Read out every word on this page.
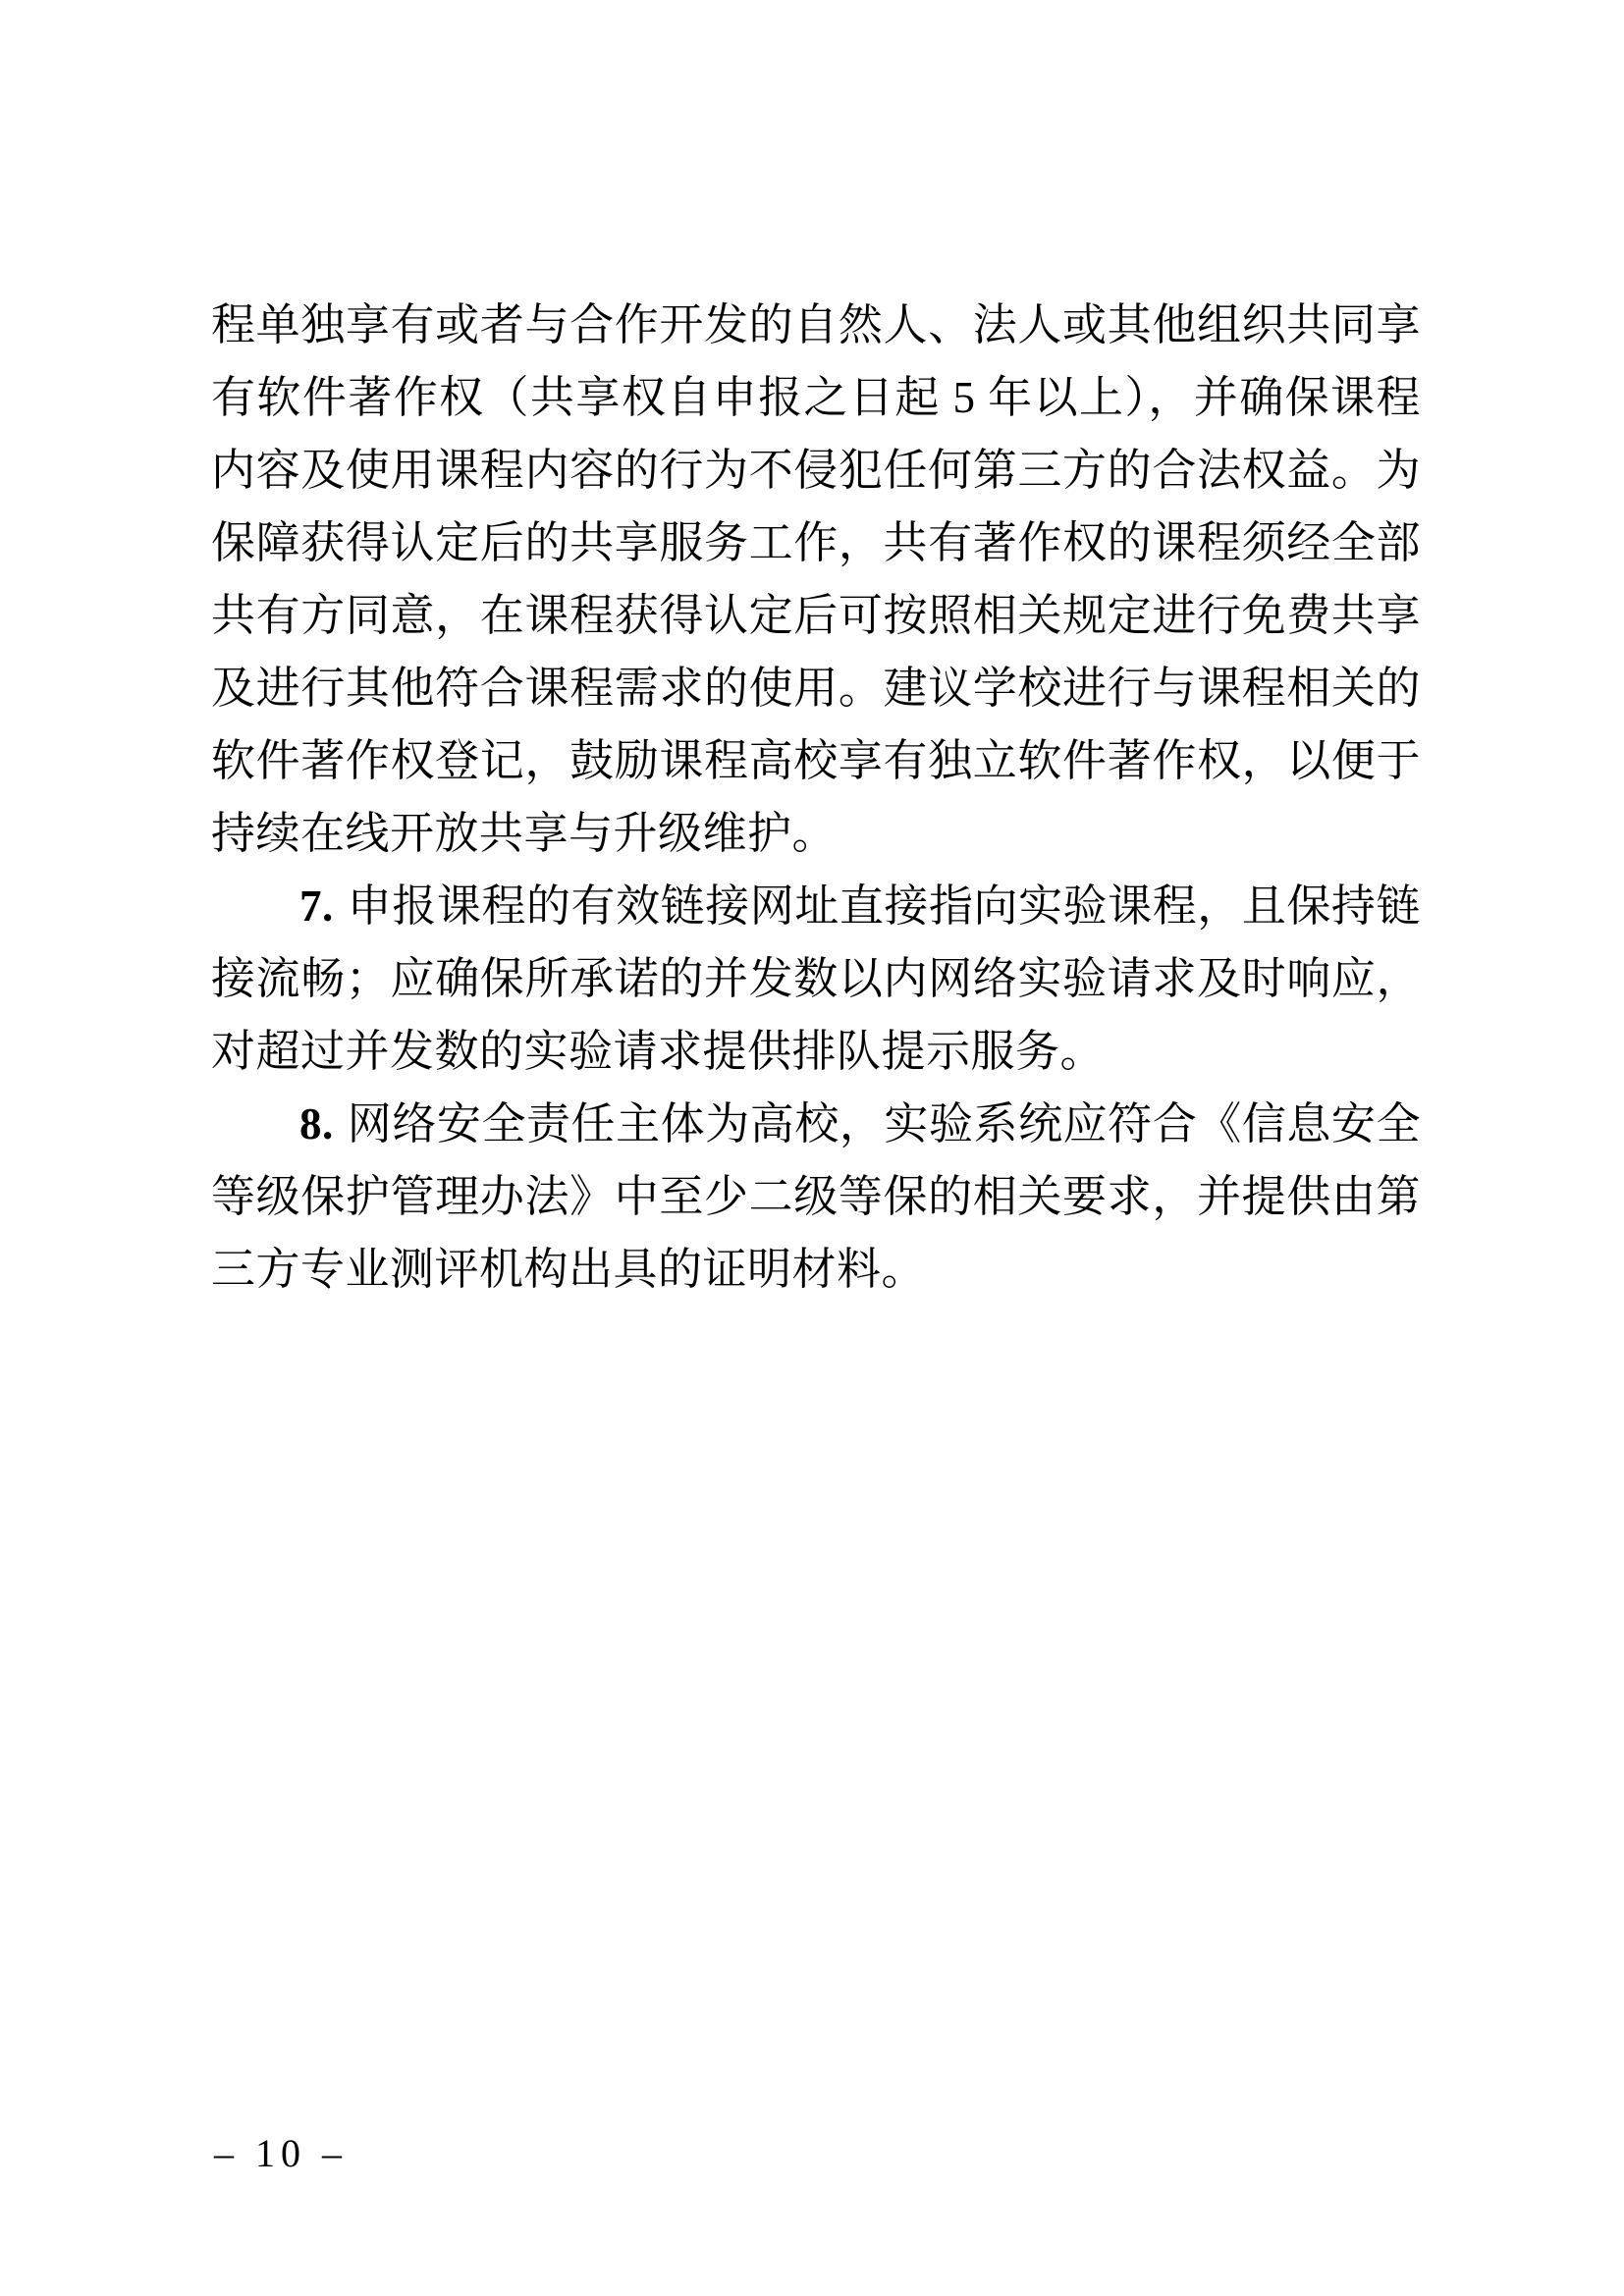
程单独享有或者与合作开发的自然人、法人或其他组织共同享有软件著作权（共享权自申报之日起 5 年以上），并确保课程内容及使用课程内容的行为不侵犯任何第三方的合法权益。为保障获得认定后的共享服务工作，共有著作权的课程须经全部共有方同意，在课程获得认定后可按照相关规定进行免费共享及进行其他符合课程需求的使用。建议学校进行与课程相关的软件著作权登记，鼓励课程高校享有独立软件著作权，以便于持续在线开放共享与升级维护。

7. 申报课程的有效链接网址直接指向实验课程，且保持链接流畅；应确保所承诺的并发数以内网络实验请求及时响应，对超过并发数的实验请求提供排队提示服务。

8. 网络安全责任主体为高校，实验系统应符合《信息安全等级保护管理办法》中至少二级等保的相关要求，并提供由第三方专业测评机构出具的证明材料。

– 10 –
